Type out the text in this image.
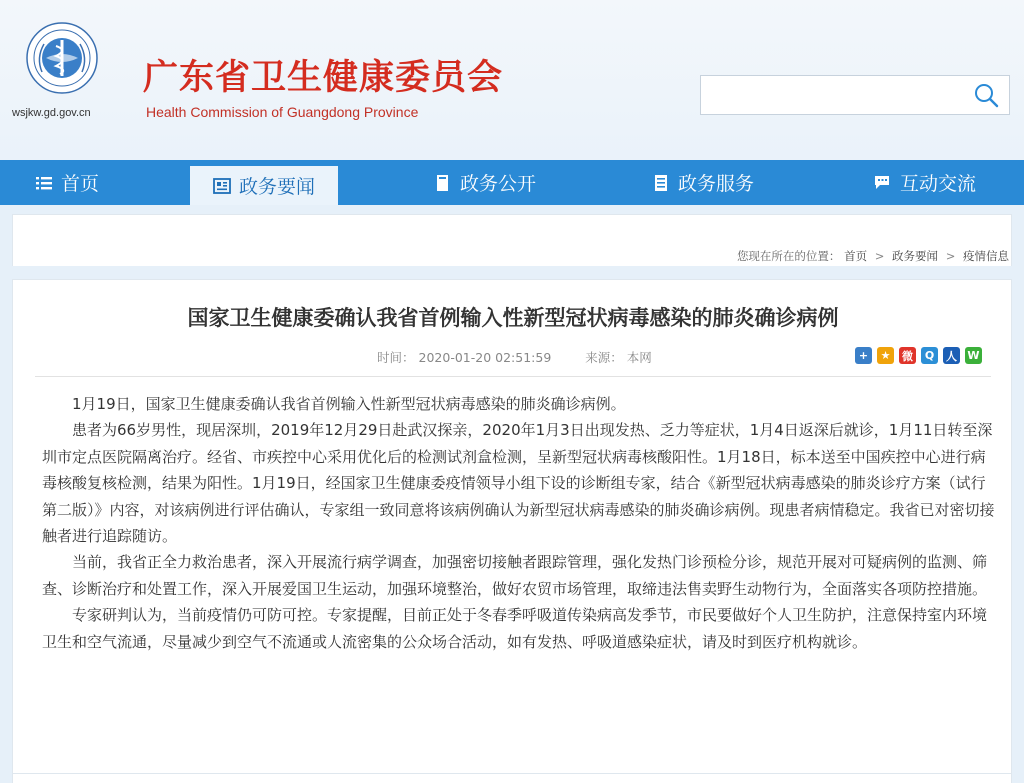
wsjkw.gd.gov.cn
广东省卫生健康委员会
Health Commission of Guangdong Province
首页	政务要闻	政务公开	政务服务	互动交流
您现在所在的位置： 首页 > 政务要闻 > 疫情信息
国家卫生健康委确认我省首例输入性新型冠状病毒感染的肺炎确诊病例
时间： 2020-01-20 02:51:59	来源： 本网	+	★	微	Q	人 W

1月19日，国家卫生健康委确认我省首例输入性新型冠状病毒感染的肺炎确诊病例。

患者为66岁男性，现居深圳，2019年12月29日赴武汉探亲，2020年1月3日出现发热、乏力等症状，1月4日返深后就诊，1月11日转至深圳市定点医院隔离治疗。经省、市疾控中心采用优化后的检测试剂盒检测，呈新型冠状病毒核酸阳性。1月18日，标本送至中国疾控中心进行病毒核酸复核检测，结果为阳性。1月19日，经国家卫生健康委疫情领导小组下设的诊断组专家，结合《新型冠状病毒感染的肺炎诊疗方案（试行第二版）》内容，对该病例进行评估确认，专家组一致同意将该病例确认为新型冠状病毒感染的肺炎确诊病例。现患者病情稳定。我省已对密切接触者进行追踪随访。

当前，我省正全力救治患者，深入开展流行病学调查，加强密切接触者跟踪管理，强化发热门诊预检分诊，规范开展对可疑病例的监测、筛查、诊断治疗和处置工作，深入开展爱国卫生运动，加强环境整治，做好农贸市场管理，取缔违法售卖野生动物行为，全面落实各项防控措施。

专家研判认为，当前疫情仍可防可控。专家提醒，目前正处于冬春季呼吸道传染病高发季节，市民要做好个人卫生防护，注意保持室内环境卫生和空气流通，尽量减少到空气不流通或人流密集的公众场合活动，如有发热、呼吸道感染症状，请及时到医疗机构就诊。
